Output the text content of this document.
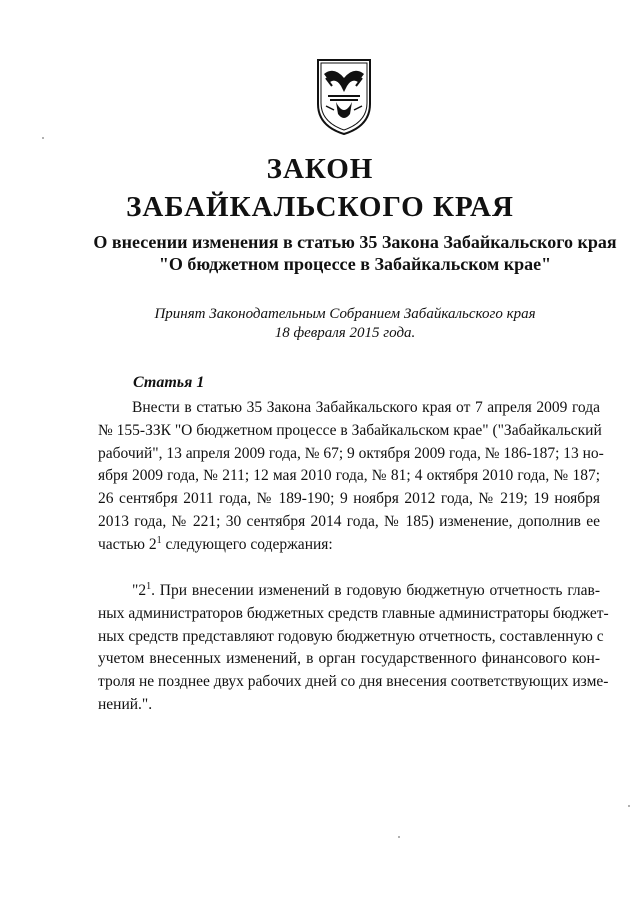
ЗАКОН
ЗАБАЙКАЛЬСКОГО КРАЯ
О внесении изменения в статью 35 Закона Забайкальского края
"О бюджетном процессе в Забайкальском крае"
Принят Законодательным Собранием Забайкальского края
18 февраля 2015 года.
Статья 1
Внести в статью 35 Закона Забайкальского края от 7 апреля 2009 года
№ 155-ЗЗК "О бюджетном процессе в Забайкальском крае" ("Забайкальский
рабочий", 13 апреля 2009 года, № 67; 9 октября 2009 года, № 186-187; 13 но-
ября 2009 года, № 211; 12 мая 2010 года, № 81; 4 октября 2010 года, № 187;
26 сентября 2011 года, № 189-190; 9 ноября 2012 года, № 219; 19 ноября
2013 года, № 221; 30 сентября 2014 года, № 185) изменение, дополнив ее
частью $2^1$ следующего содержания:
"$2^1$. При внесении изменений в годовую бюджетную отчетность глав-
ных администраторов бюджетных средств главные администраторы бюджет-
ных средств представляют годовую бюджетную отчетность, составленную с
учетом внесенных изменений, в орган государственного финансового кон-
троля не позднее двух рабочих дней со дня внесения соответствующих изме-
нений.".
